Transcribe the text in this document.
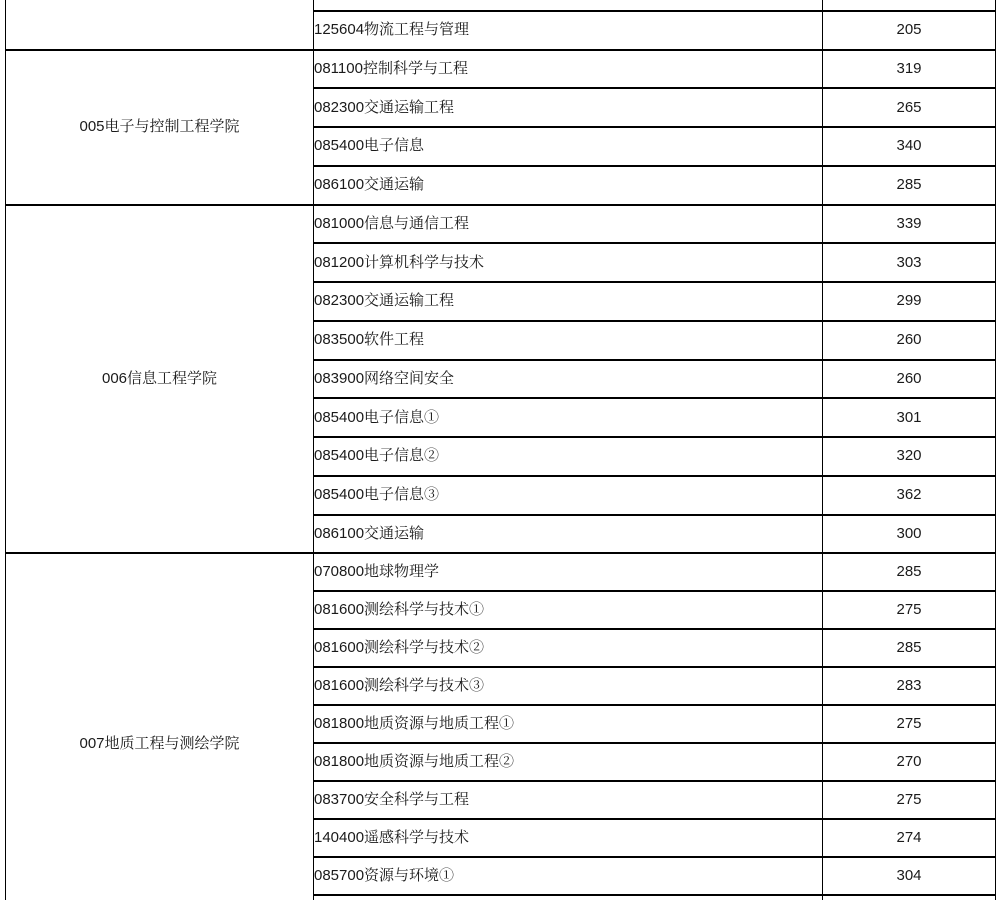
	125604物流工程与管理	205
005电子与控制工程学院	081100控制科学与工程	319
	082300交通运输工程	265
	085400电子信息	340
	086100交通运输	285
006信息工程学院	081000信息与通信工程	339
	081200计算机科学与技术	303
	082300交通运输工程	299
	083500软件工程	260
	083900网络空间安全	260
	085400电子信息①	301
	085400电子信息②	320
	085400电子信息③	362
	086100交通运输	300
007地质工程与测绘学院	070800地球物理学	285
	081600测绘科学与技术①	275
	081600测绘科学与技术②	285
	081600测绘科学与技术③	283
	081800地质资源与地质工程①	275
	081800地质资源与地质工程②	270
	083700安全科学与工程	275
	140400遥感科学与技术	274
	085700资源与环境①	304
